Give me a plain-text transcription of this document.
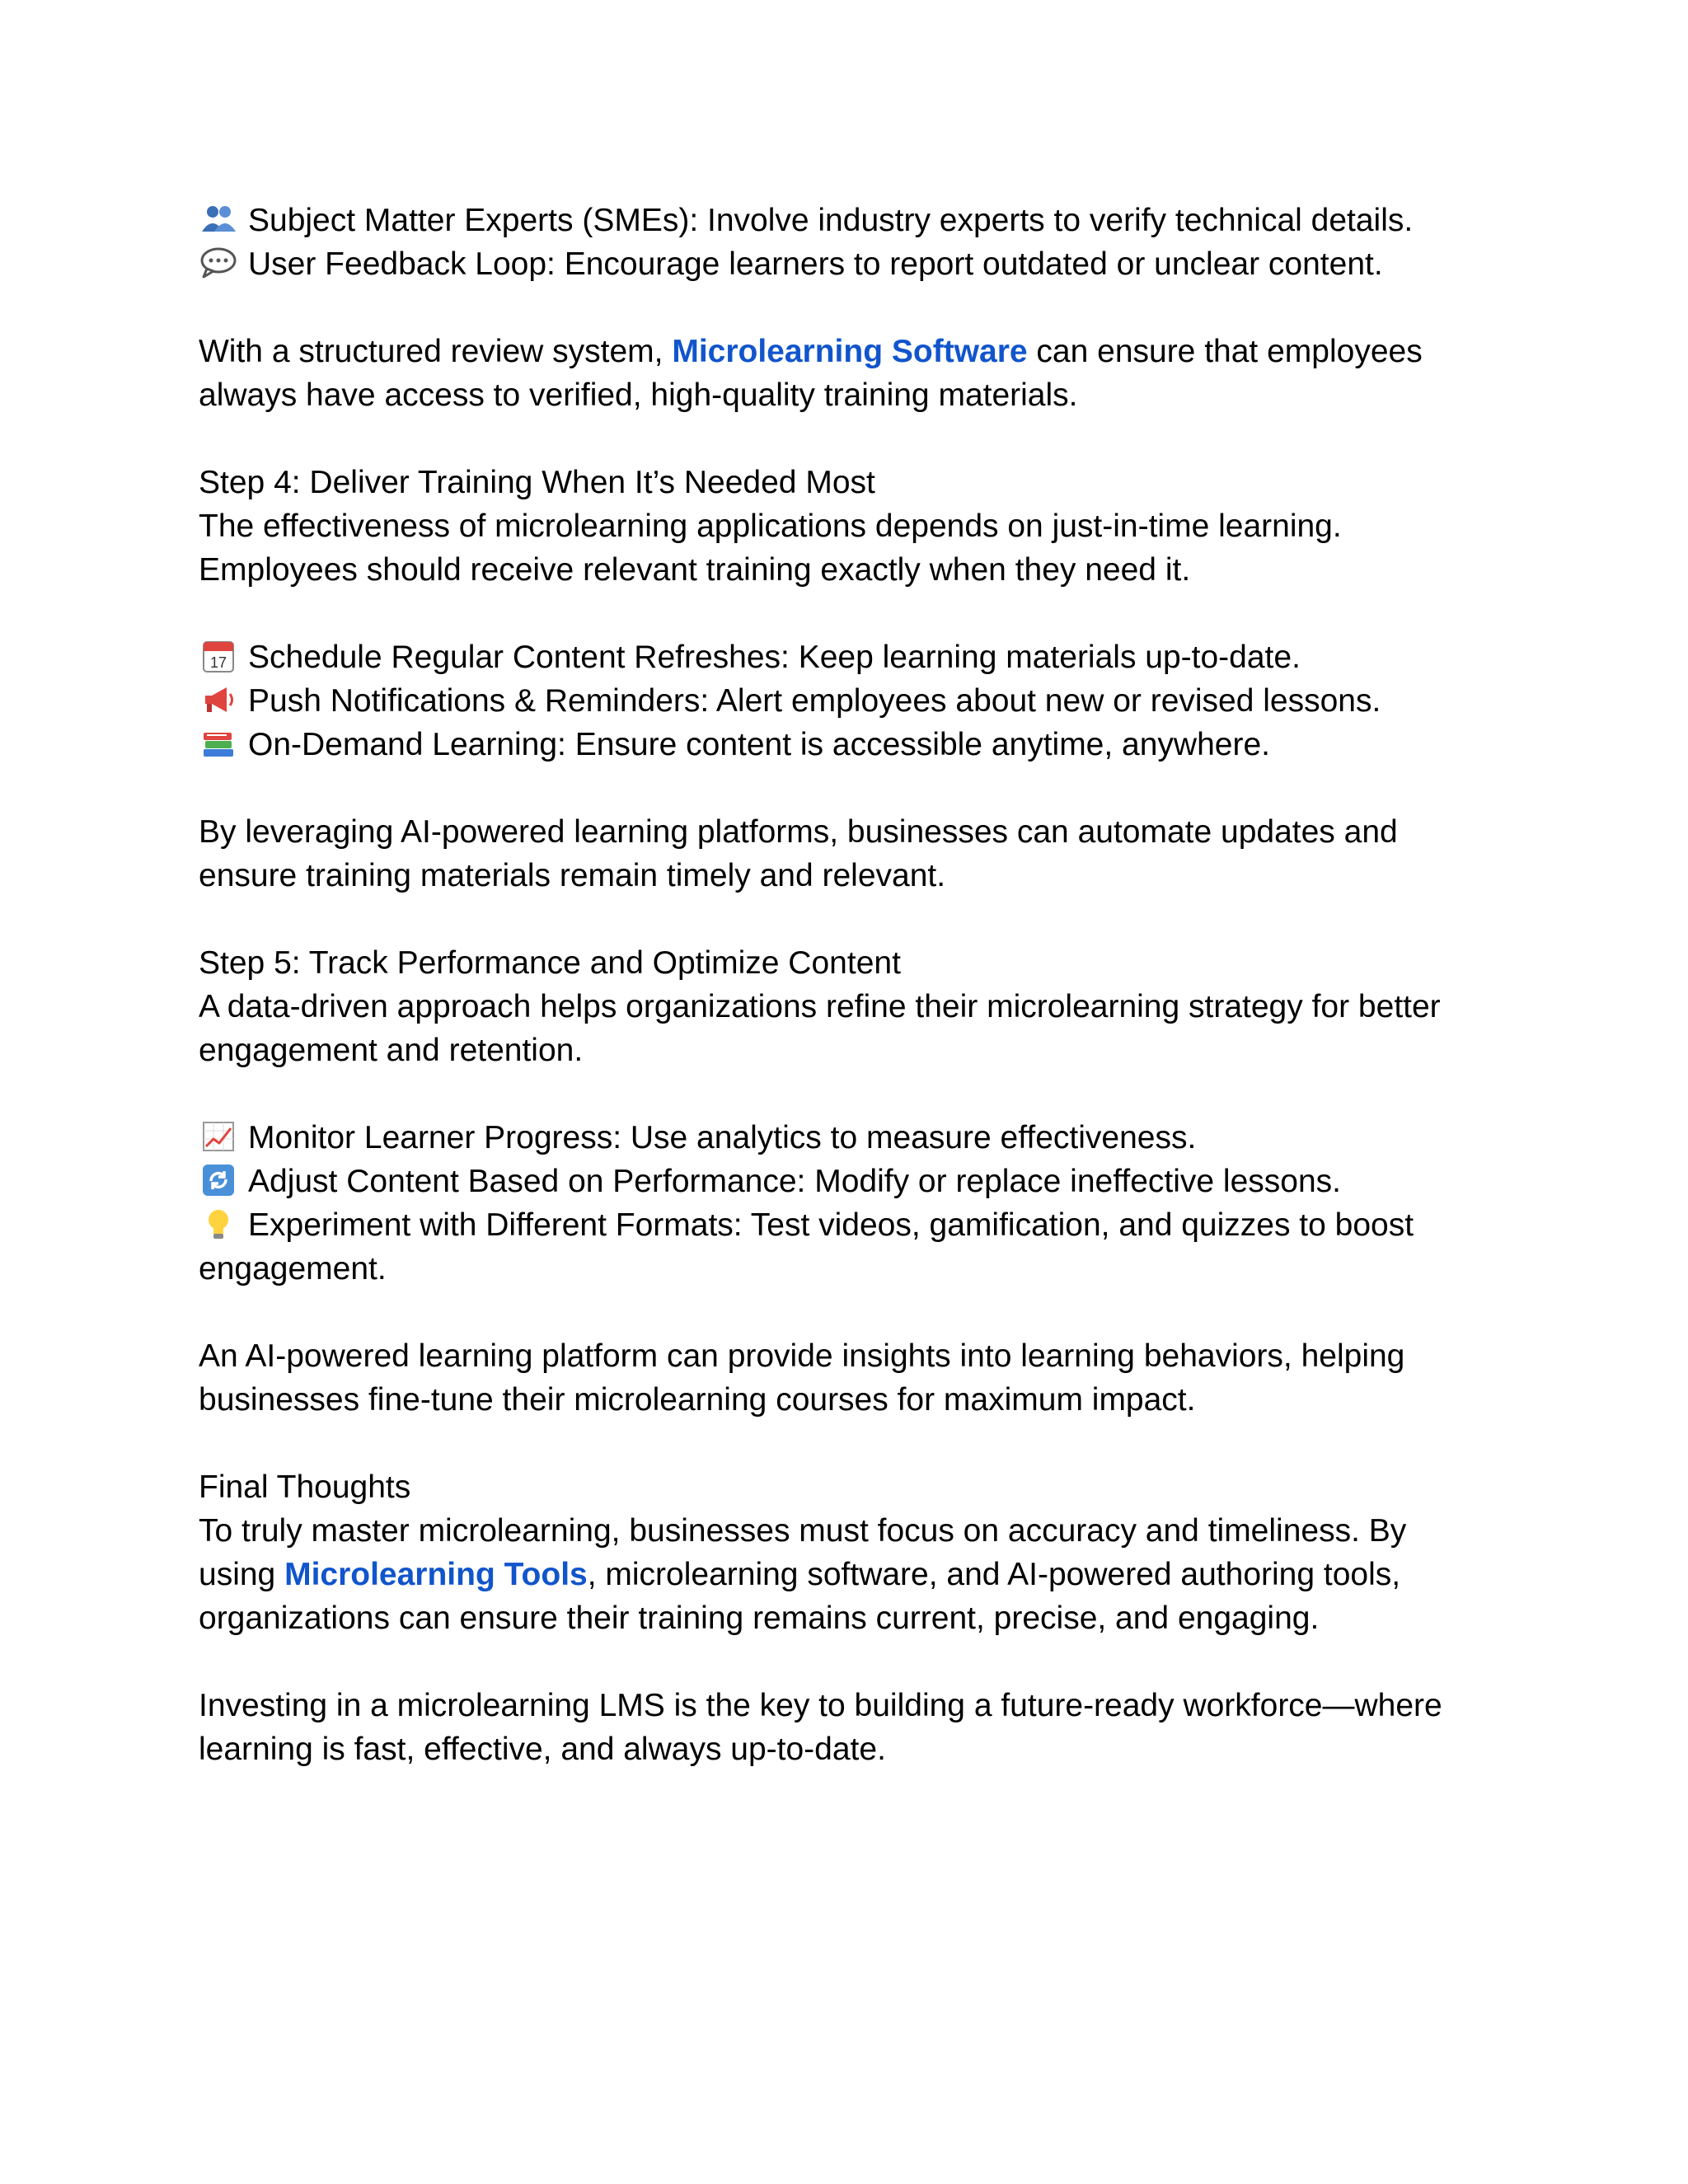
Subject Matter Experts (SMEs): Involve industry experts to verify technical details.

User Feedback Loop: Encourage learners to report outdated or unclear content.

With a structured review system, Microlearning Software can ensure that employees

always have access to verified, high-quality training materials.

Step 4: Deliver Training When It’s Needed Most

The effectiveness of microlearning applications depends on just-in-time learning.

Employees should receive relevant training exactly when they need it.

17 Schedule Regular Content Refreshes: Keep learning materials up-to-date.

Push Notifications & Reminders: Alert employees about new or revised lessons.

On-Demand Learning: Ensure content is accessible anytime, anywhere.

By leveraging AI-powered learning platforms, businesses can automate updates and

ensure training materials remain timely and relevant.

Step 5: Track Performance and Optimize Content

A data-driven approach helps organizations refine their microlearning strategy for better

engagement and retention.

Monitor Learner Progress: Use analytics to measure effectiveness.

Adjust Content Based on Performance: Modify or replace ineffective lessons.

Experiment with Different Formats: Test videos, gamification, and quizzes to boost

engagement.

An AI-powered learning platform can provide insights into learning behaviors, helping

businesses fine-tune their microlearning courses for maximum impact.

Final Thoughts

To truly master microlearning, businesses must focus on accuracy and timeliness. By

using Microlearning Tools, microlearning software, and AI-powered authoring tools,

organizations can ensure their training remains current, precise, and engaging.

Investing in a microlearning LMS is the key to building a future-ready workforce—where

learning is fast, effective, and always up-to-date.
